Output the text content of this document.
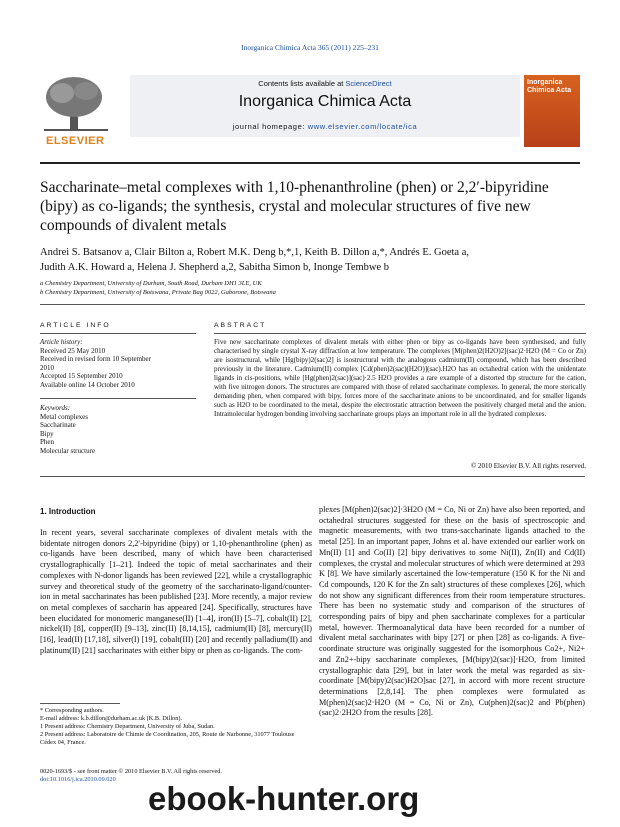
Inorganica Chimica Acta 365 (2011) 225–231
ELSEVIER
Contents lists available at ScienceDirect
Inorganica Chimica Acta
journal homepage: www.elsevier.com/locate/ica
Inorganica Chimica Acta
Saccharinate–metal complexes with 1,10-phenanthroline (phen) or 2,2′-bipyridine (bipy) as co-ligands; the synthesis, crystal and molecular structures of five new compounds of divalent metals
Andrei S. Batsanov a, Clair Bilton a, Robert M.K. Deng b,*,1, Keith B. Dillon a,*, Andrés E. Goeta a,
Judith A.K. Howard a, Helena J. Shepherd a,2, Sabitha Simon b, Inonge Tembwe b
a Chemistry Department, University of Durham, South Road, Durham DH1 3LE, UK
b Chemistry Department, University of Botswana, Private Bag 0022, Gaborone, Botswana
ARTICLE INFO
Article history:
Received 25 May 2010
Received in revised form 10 September
2010
Accepted 15 September 2010
Available online 14 October 2010
Keywords:
Metal complexes
Saccharinate
Bipy
Phen
Molecular structure
ABSTRACT
Five new saccharinate complexes of divalent metals with either phen or bipy as co-ligands have been synthesised, and fully characterised by single crystal X-ray diffraction at low temperature. The complexes [M(phen)2(H2O)2](sac)2·H2O (M = Co or Zn) are isostructural, while [Hg(bipy)2(sac)2] is isostructural with the analogous cadmium(II) compound, which has been described previously in the literature. Cadmium(II) complex [Cd(phen)2(sac)(H2O)](sac).H2O has an octahedral cation with the unidentate ligands in cis-positions, while [Hg(phen)2(sac)](sac)·2.5 H2O provides a rare example of a distorted tbp structure for the cation, with five nitrogen donors. The structures are compared with those of related saccharinate complexes. In general, the more sterically demanding phen, when compared with bipy, forces more of the saccharinate anions to be uncoordinated, and for smaller ligands such as H2O to be coordinated to the metal, despite the electrostatic attraction between the positively charged metal and the anion. Intramolecular hydrogen bonding involving saccharinate groups plays an important role in all the hydrated complexes.
© 2010 Elsevier B.V. All rights reserved.
1. Introduction
In recent years, several saccharinate complexes of divalent metals with the bidentate nitrogen donors 2,2′-bipyridine (bipy) or 1,10-phenanthroline (phen) as co-ligands have been described, many of which have been characterised crystallographically [1–21]. Indeed the topic of metal saccharinates and their complexes with N-donor ligands has been reviewed [22], while a crystallographic survey and theoretical study of the geometry of the saccharinato-ligand/counter-ion in metal saccharinates has been published [23]. More recently, a major review on metal complexes of saccharin has appeared [24]. Specifically, structures have been elucidated for monomeric manganese(II) [1–4], iron(II) [5–7], cobalt(II) [2], nickel(II) [8], copper(II) [9–13], zinc(II) [8,14,15], cadmium(II) [8], mercury(II) [16], lead(II) [17,18], silver(I) [19], cobalt(III) [20] and recently palladium(II) and platinum(II) [21] saccharinates with either bipy or phen as co-ligands. The com-
plexes [M(phen)2(sac)2]·3H2O (M = Co, Ni or Zn) have also been reported, and octahedral structures suggested for these on the basis of spectroscopic and magnetic measurements, with two trans-saccharinate ligands attached to the metal [25]. In an important paper, Johns et al. have extended our earlier work on Mn(II) [1] and Co(II) [2] bipy derivatives to some Ni(II), Zn(II) and Cd(II) complexes, the crystal and molecular structures of which were determined at 293 K [8]. We have similarly ascertained the low-temperature (150 K for the Ni and Cd compounds, 120 K for the Zn salt) structures of these complexes [26], which do not show any significant differences from their room temperature structures. There has been no systematic study and comparison of the structures of corresponding pairs of bipy and phen saccharinate complexes for a particular metal, however. Thermoanalytical data have been recorded for a number of divalent metal saccharinates with bipy [27] or phen [28] as co-ligands. A five-coordinate structure was originally suggested for the isomorphous Co2+, Ni2+ and Zn2+-bipy saccharinate complexes, [M(bipy)2(sac)]·H2O, from limited crystallographic data [29], but in later work the metal was regarded as six-coordinate [M(bipy)2(sac)H2O]sac [27], in accord with more recent structure determinations [2,8,14]. The phen complexes were formulated as M(phen)2(sac)2·H2O (M = Co, Ni or Zn), Cu(phen)2(sac)2 and Pb(phen)(sac)2·2H2O from the results [28].
* Corresponding authors.
E-mail address: k.b.dillon@durham.ac.uk (K.B. Dillon).
1 Present address: Chemistry Department, University of Juba, Sudan.
2 Present address: Laboratoire de Chimie de Coordination, 205, Route de Narbonne, 31077 Toulouse Cédex 04, France.
0020-1693/$ - see front matter © 2010 Elsevier B.V. All rights reserved.
doi:10.1016/j.ica.2010.09.020
ebook-hunter.org
